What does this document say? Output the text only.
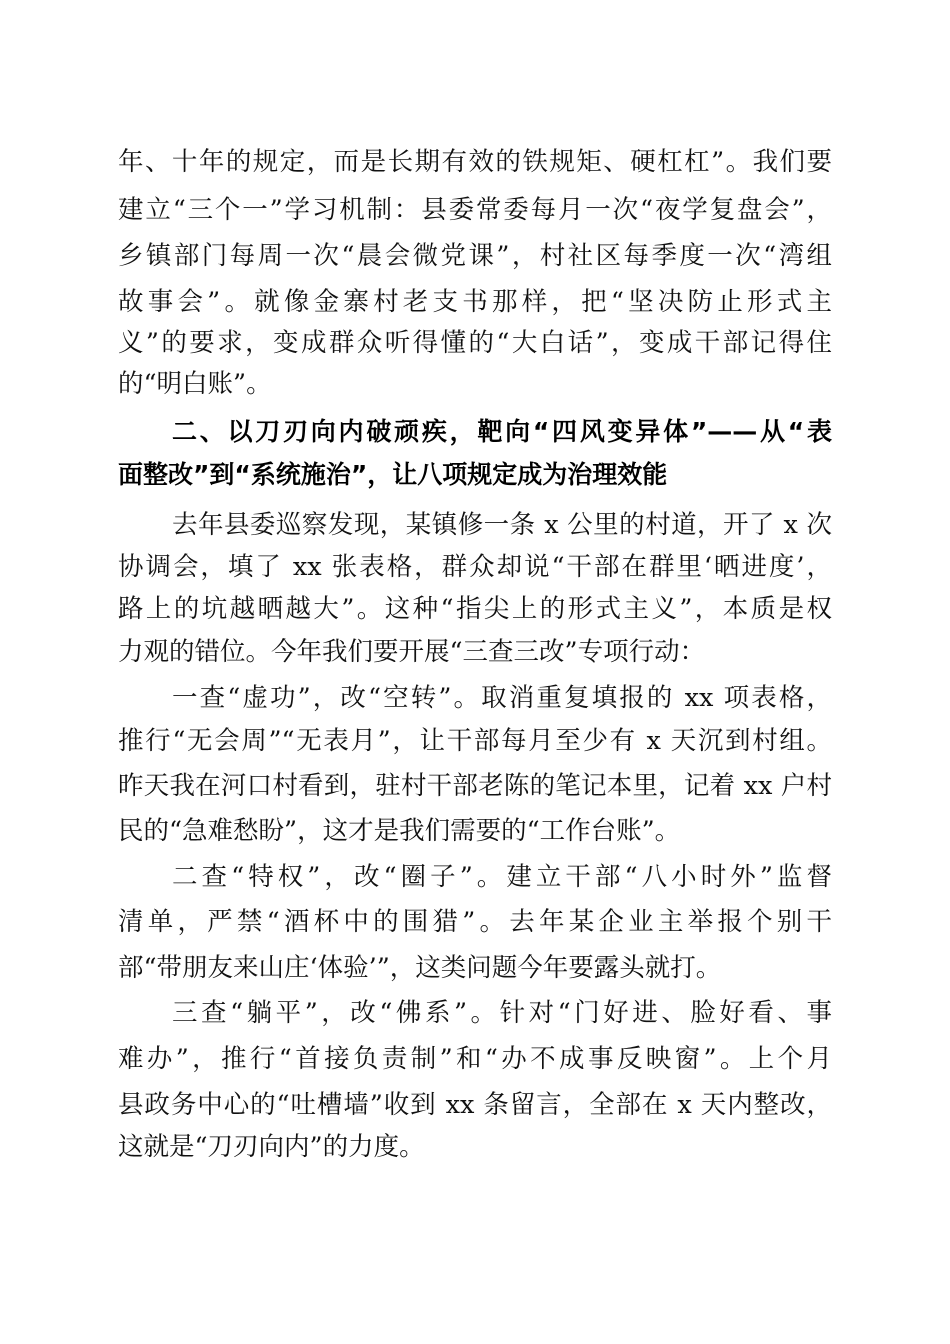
年、十年的规定，而是长期有效的铁规矩、硬杠杠”。我们要
建立“三个一”学习机制：县委常委每月一次“夜学复盘会”，
乡镇部门每周一次“晨会微党课”，村社区每季度一次“湾组
故事会”。就像金寨村老支书那样，把“坚决防止形式主
义”的要求，变成群众听得懂的“大白话”，变成干部记得住
的“明白账”。
二、以刀刃向内破顽疾，靶向“四风变异体”——从“表
面整改”到“系统施治”，让八项规定成为治理效能
去年县委巡察发现，某镇修一条 x 公里的村道，开了 x 次
协调会，填了 xx 张表格，群众却说“干部在群里‘晒进度’，
路上的坑越晒越大”。这种“指尖上的形式主义”，本质是权
力观的错位。今年我们要开展“三查三改”专项行动：
一查“虚功”，改“空转”。取消重复填报的 xx 项表格，
推行“无会周”“无表月”，让干部每月至少有 x 天沉到村组。
昨天我在河口村看到，驻村干部老陈的笔记本里，记着 xx 户村
民的“急难愁盼”，这才是我们需要的“工作台账”。
二查“特权”，改“圈子”。建立干部“八小时外”监督
清单，严禁“酒杯中的围猎”。去年某企业主举报个别干
部“带朋友来山庄‘体验’”，这类问题今年要露头就打。
三查“躺平”，改“佛系”。针对“门好进、脸好看、事
难办”，推行“首接负责制”和“办不成事反映窗”。上个月
县政务中心的“吐槽墙”收到 xx 条留言，全部在 x 天内整改，
这就是“刀刃向内”的力度。
